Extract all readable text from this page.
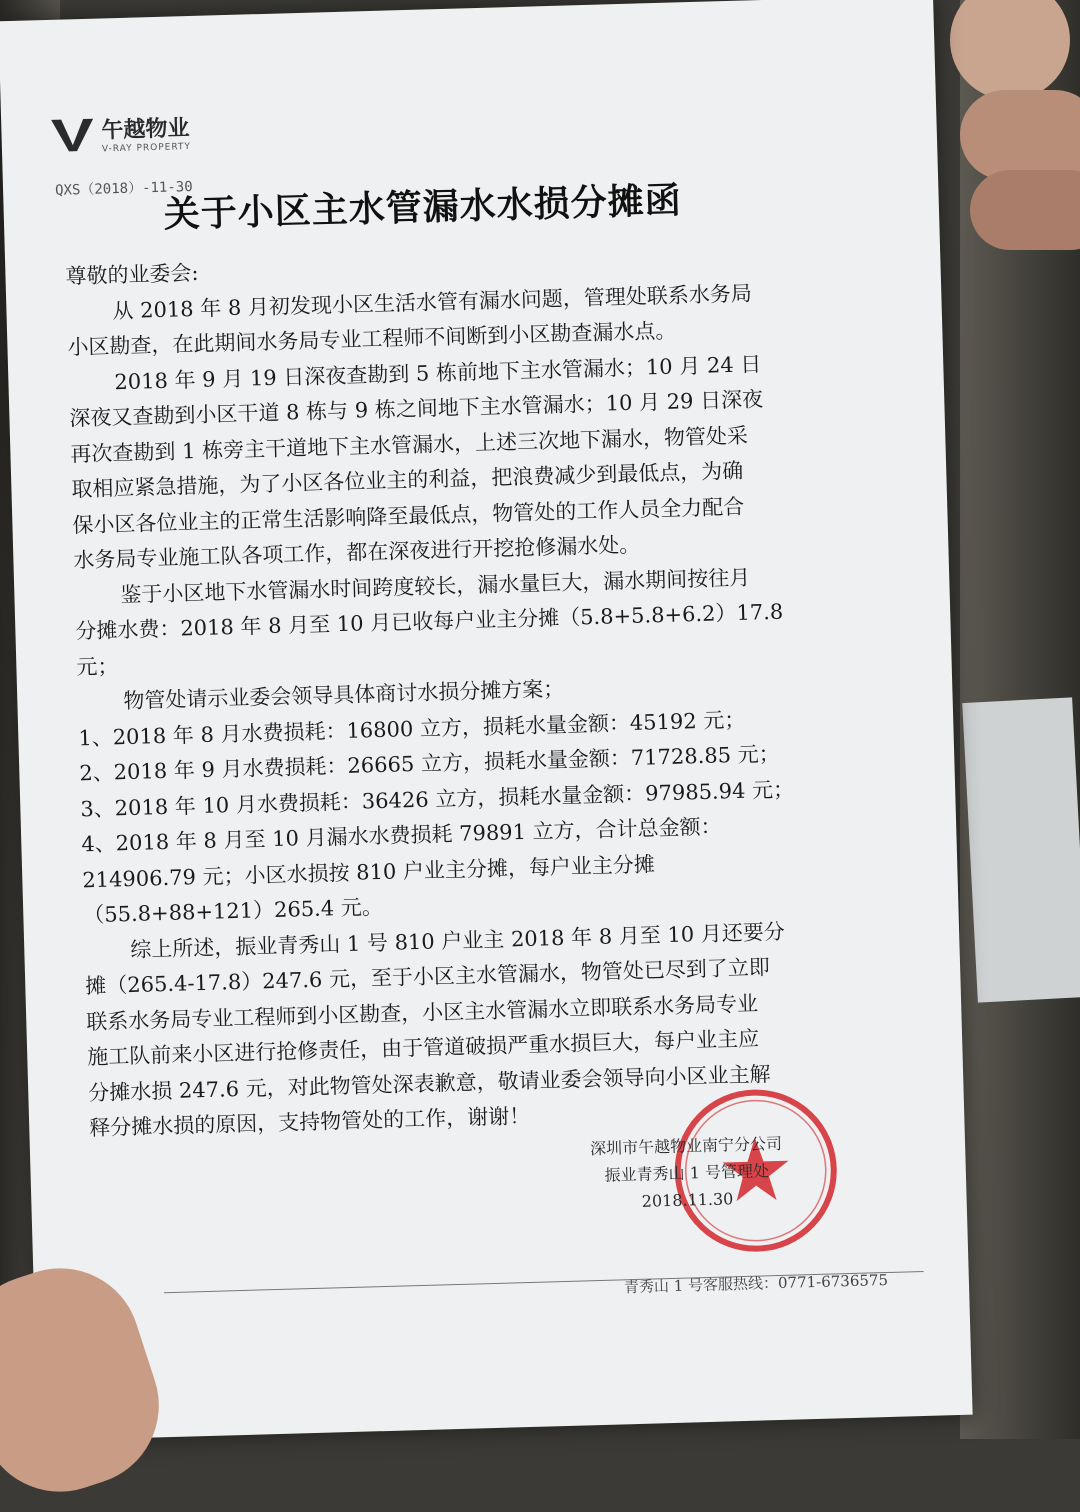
午越物业
V-RAY PROPERTY
QXS（2018）-11-30
关于小区主水管漏水水损分摊函
尊敬的业委会:
从 2018 年 8 月初发现小区生活水管有漏水问题，管理处联系水务局
小区勘查，在此期间水务局专业工程师不间断到小区勘查漏水点。
2018 年 9 月 19 日深夜查勘到 5 栋前地下主水管漏水；10 月 24 日
深夜又查勘到小区干道 8 栋与 9 栋之间地下主水管漏水；10 月 29 日深夜
再次查勘到 1 栋旁主干道地下主水管漏水，上述三次地下漏水，物管处采
取相应紧急措施，为了小区各位业主的利益，把浪费减少到最低点，为确
保小区各位业主的正常生活影响降至最低点，物管处的工作人员全力配合
水务局专业施工队各项工作，都在深夜进行开挖抢修漏水处。
鉴于小区地下水管漏水时间跨度较长，漏水量巨大，漏水期间按往月
分摊水费：2018 年 8 月至 10 月已收每户业主分摊（5.8+5.8+6.2）17.8
元；
物管处请示业委会领导具体商讨水损分摊方案；
1、2018 年 8 月水费损耗：16800 立方，损耗水量金额：45192 元；
2、2018 年 9 月水费损耗：26665 立方，损耗水量金额：71728.85 元；
3、2018 年 10 月水费损耗：36426 立方，损耗水量金额：97985.94 元；
4、2018 年 8 月至 10 月漏水水费损耗 79891 立方，合计总金额：
214906.79 元；小区水损按 810 户业主分摊，每户业主分摊
（55.8+88+121）265.4 元。
综上所述，振业青秀山 1 号 810 户业主 2018 年 8 月至 10 月还要分
摊（265.4-17.8）247.6 元，至于小区主水管漏水，物管处已尽到了立即
联系水务局专业工程师到小区勘查，小区主水管漏水立即联系水务局专业
施工队前来小区进行抢修责任，由于管道破损严重水损巨大，每户业主应
分摊水损 247.6 元，对此物管处深表歉意，敬请业委会领导向小区业主解
释分摊水损的原因，支持物管处的工作，谢谢！
深圳市午越物业南宁分公司
振业青秀山 1 号管理处
2018.11.30
青秀山 1 号客服热线：0771-6736575
